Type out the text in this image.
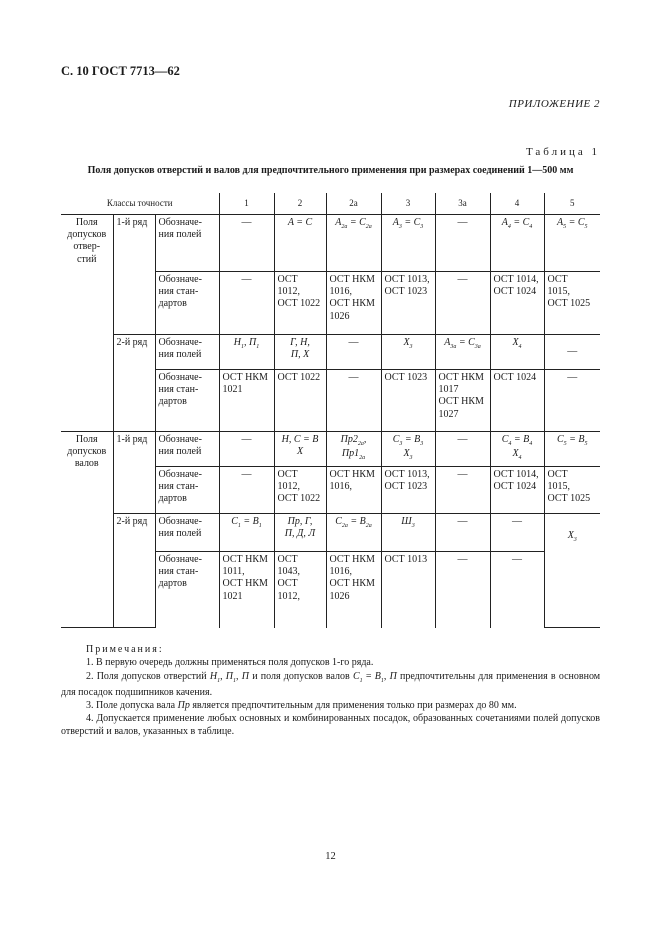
С. 10 ГОСТ 7713—62
ПРИЛОЖЕНИЕ 2
Таблица 1
Поля допусков отверстий и валов для предпочтительного применения при размерах соединений 1—500 мм
Классы точности			1	2	2а	3	3а	4	5
Поля допусков отвер-стий	1-й ряд	Обозначе-ния полей	—	A = C	$A_{2а} = C_{2а}$	$A_3 = C_3$	—	$A_4 = C_4$	$A_5 = C_5$
		Обозначе-ния стан-дартов	—	ОСТ 1012,
ОСТ 1022	ОСТ НКМ
1016,
ОСТ НКМ
1026	ОСТ 1013,
ОСТ 1023	—	ОСТ 1014,
ОСТ 1024	ОСТ
1015,
ОСТ 1025
	2-й ряд	Обозначе-ния полей	$H_1$, $П_1$	Г, H,
П, X	—	$X_3$	$A_{3а} = C_{3а}$	$X_4$	—
		Обозначе-ния стан-дартов	ОСТ НКМ
1021	ОСТ 1022	—	ОСТ 1023	ОСТ НКМ
1017
ОСТ НКМ
1027	ОСТ 1024	—
Поля допусков валов	1-й ряд	Обозначе-ния полей	—	H, C = B
X	$Пр2_{2а}$,
$Пр1_{2а}$	$C_3 = B_3$
$X_3$	—	$C_4 = B_4$
$X_4$	$C_5 = B_5$
		Обозначе-ния стан-дартов	—	ОСТ 1012,
ОСТ 1022	ОСТ НКМ
1016,	ОСТ 1013,
ОСТ 1023	—	ОСТ 1014,
ОСТ 1024	ОСТ
1015,
ОСТ 1025
	2-й ряд	Обозначе-ния полей	$C_1 = B_1$	Пр, Г,
П, Д, Л	$C_{2а} = B_{2а}$	$Ш_3$	—	—	$X_3$
		Обозначе-ния стан-дартов	ОСТ НКМ
1011,
ОСТ НКМ
1021	ОСТ 1043,
ОСТ 1012,	ОСТ НКМ
1016,
ОСТ НКМ
1026	ОСТ 1013	—	—	

Примечания:

1. В первую очередь должны применяться поля допусков 1-го ряда.

2. Поля допусков отверстий $H_1$, $П_1$, П и поля допусков валов $C_1 = B_1$, П предпочтительны для применения в основном для посадок подшипников качения.

3. Поле допуска вала Пр является предпочтительным для применения только при размерах до 80 мм.

4. Допускается применение любых основных и комбинированных посадок, образованных сочетаниями полей допусков отверстий и валов, указанных в таблице.

12
